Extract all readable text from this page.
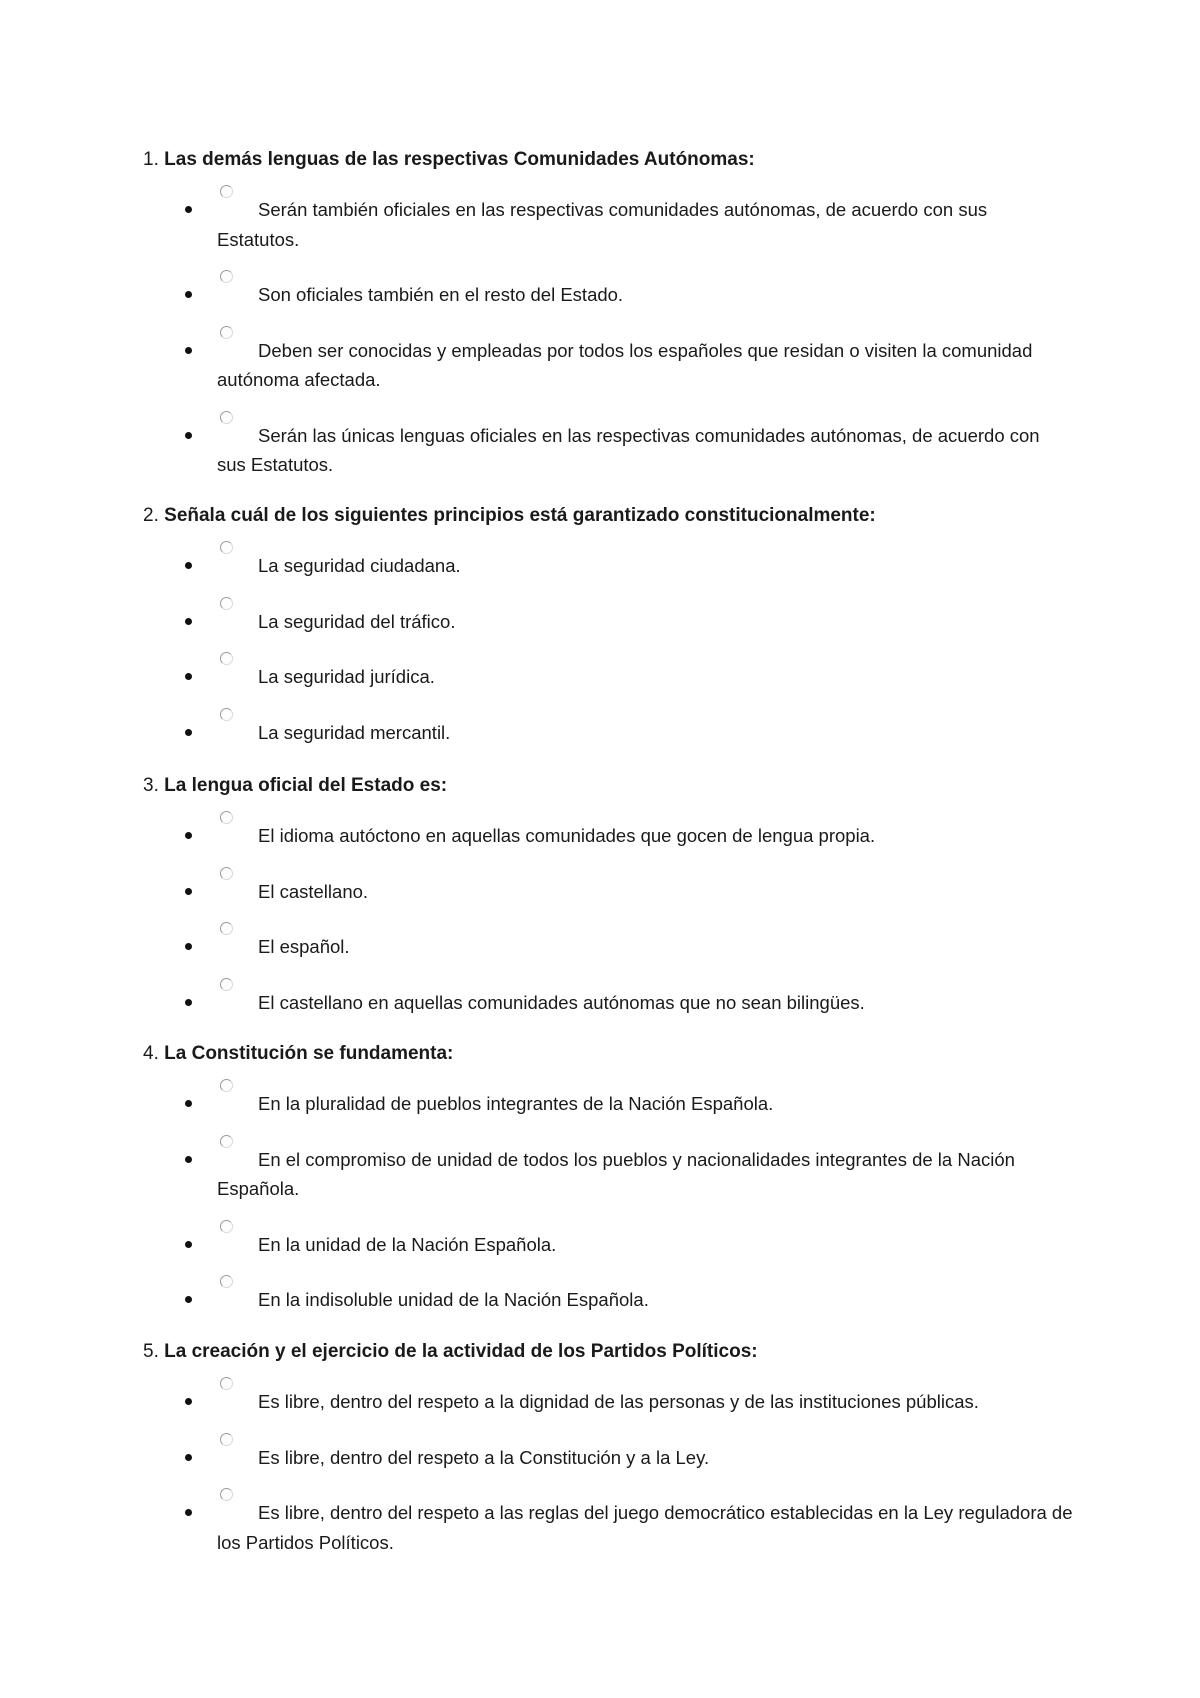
1. Las demás lenguas de las respectivas Comunidades Autónomas:

Serán también oficiales en las respectivas comunidades autónomas, de acuerdo con sus Estatutos.
Son oficiales también en el resto del Estado.
Deben ser conocidas y empleadas por todos los españoles que residan o visiten la comunidad autónoma afectada.
Serán las únicas lenguas oficiales en las respectivas comunidades autónomas, de acuerdo con sus Estatutos.

2. Señala cuál de los siguientes principios está garantizado constitucionalmente:

La seguridad ciudadana.
La seguridad del tráfico.
La seguridad jurídica.
La seguridad mercantil.

3. La lengua oficial del Estado es:

El idioma autóctono en aquellas comunidades que gocen de lengua propia.
El castellano.
El español.
El castellano en aquellas comunidades autónomas que no sean bilingües.

4. La Constitución se fundamenta:

En la pluralidad de pueblos integrantes de la Nación Española.
En el compromiso de unidad de todos los pueblos y nacionalidades integrantes de la Nación Española.
En la unidad de la Nación Española.
En la indisoluble unidad de la Nación Española.

5. La creación y el ejercicio de la actividad de los Partidos Políticos:

Es libre, dentro del respeto a la dignidad de las personas y de las instituciones públicas.
Es libre, dentro del respeto a la Constitución y a la Ley.
Es libre, dentro del respeto a las reglas del juego democrático establecidas en la Ley reguladora de los Partidos Políticos.
